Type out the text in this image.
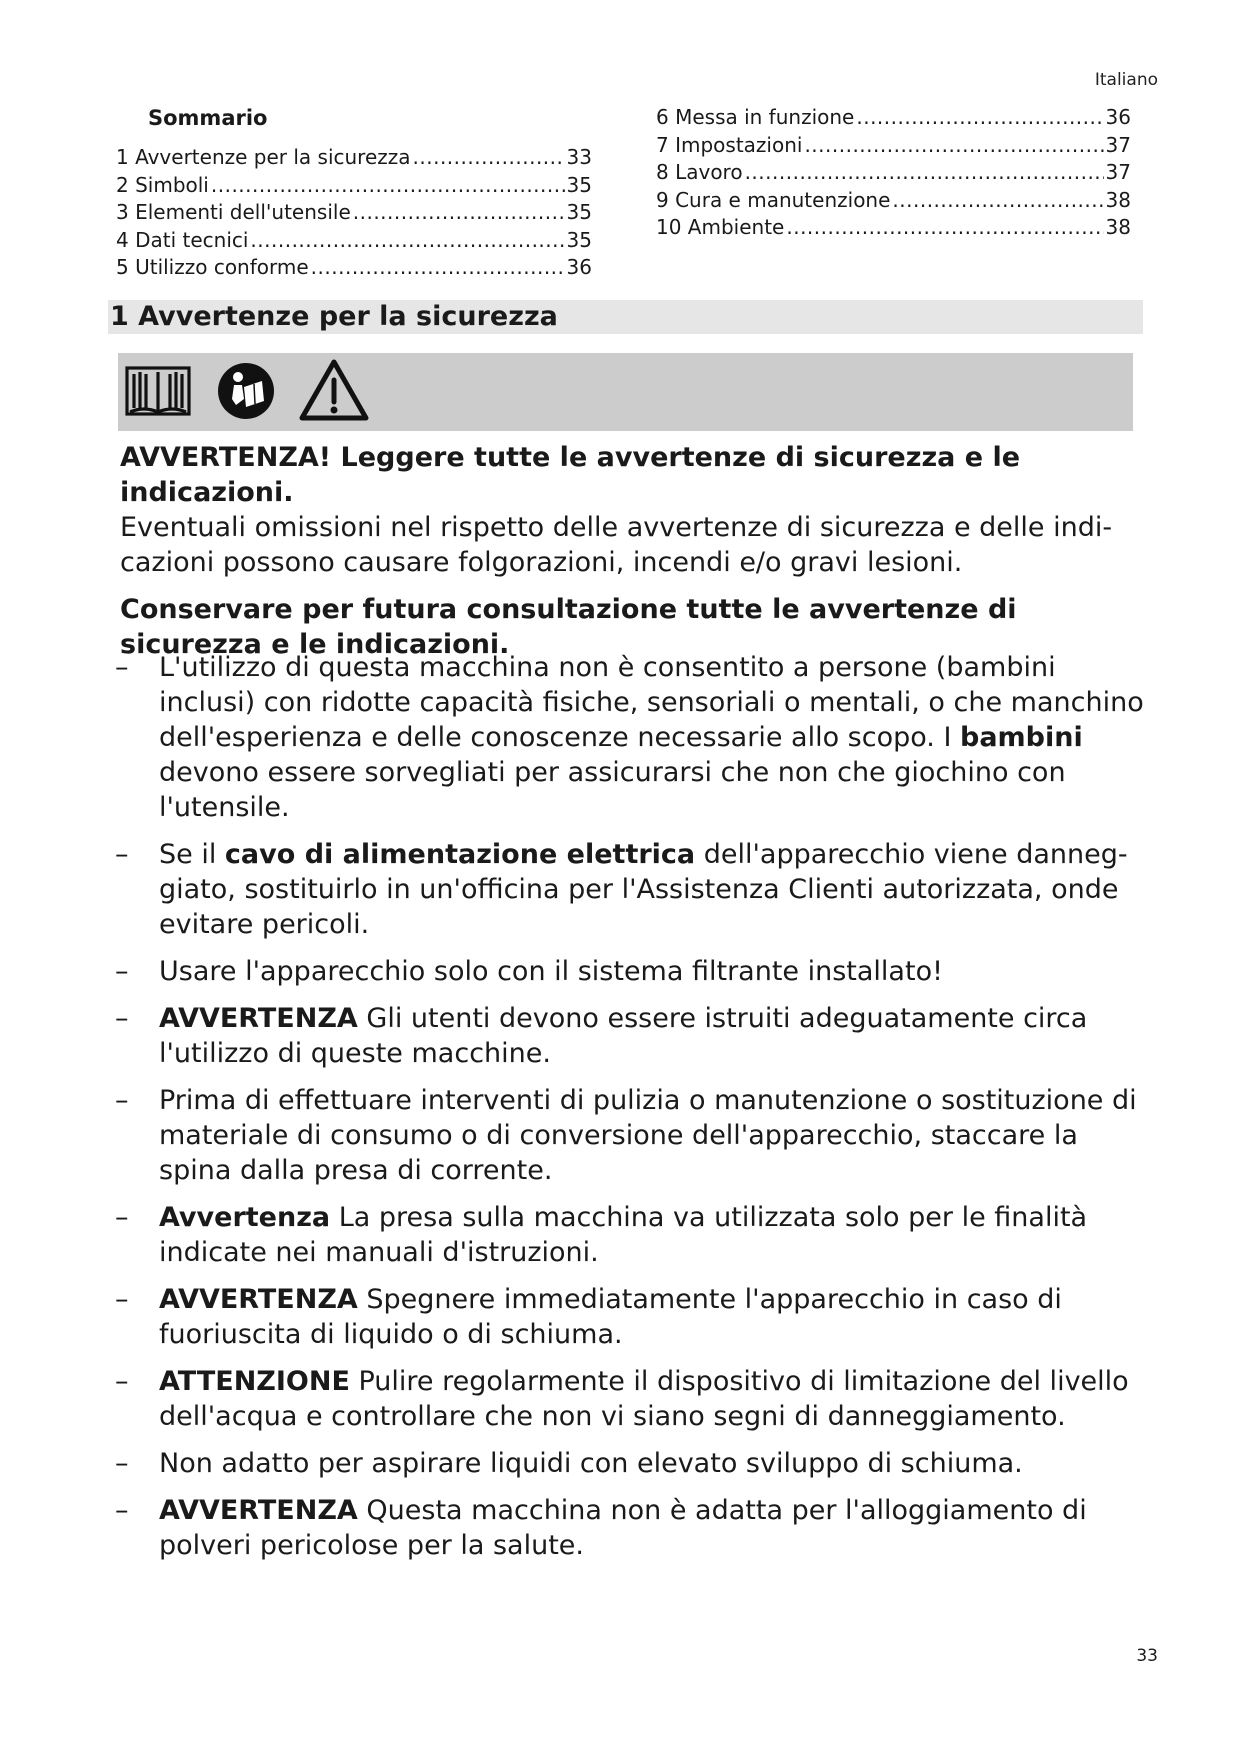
Italiano
Sommario
1 Avvertenze per la sicurezza .....	33
2 Simboli .....	35
3 Elementi dell'utensile .....	35
4 Dati tecnici .....	35
5 Utilizzo conforme .....	36
6 Messa in funzione .....	36
7 Impostazioni .....	37
8 Lavoro .....	37
9 Cura e manutenzione .....	38
10 Ambiente .....	38
1 Avvertenze per la sicurezza

AVVERTENZA! Leggere tutte le avvertenze di sicurezza e le indicazioni.

Eventuali omissioni nel rispetto delle avvertenze di sicurezza e delle indi-cazioni possono causare folgorazioni, incendi e/o gravi lesioni.

Conservare per futura consultazione tutte le avvertenze di sicurezza e le indicazioni.

– L'utilizzo di questa macchina non è consentito a persone (bambini inclusi) con ridotte capacità fisiche, sensoriali o mentali, o che manchino dell'esperienza e delle conoscenze necessarie allo scopo. I bambini devono essere sorvegliati per assicurarsi che non che giochino con l'utensile.
– Se il cavo di alimentazione elettrica dell'apparecchio viene danneg-giato, sostituirlo in un'officina per l'Assistenza Clienti autorizzata, onde evitare pericoli.
– Usare l'apparecchio solo con il sistema filtrante installato!
– AVVERTENZA Gli utenti devono essere istruiti adeguatamente circa l'utilizzo di queste macchine.
– Prima di effettuare interventi di pulizia o manutenzione o sostituzione di materiale di consumo o di conversione dell'apparecchio, staccare la spina dalla presa di corrente.
– Avvertenza La presa sulla macchina va utilizzata solo per le finalità indicate nei manuali d'istruzioni.
– AVVERTENZA Spegnere immediatamente l'apparecchio in caso di fuoriuscita di liquido o di schiuma.
– ATTENZIONE Pulire regolarmente il dispositivo di limitazione del livello dell'acqua e controllare che non vi siano segni di danneggiamento.
– Non adatto per aspirare liquidi con elevato sviluppo di schiuma.
– AVVERTENZA Questa macchina non è adatta per l'alloggiamento di polveri pericolose per la salute.
33
